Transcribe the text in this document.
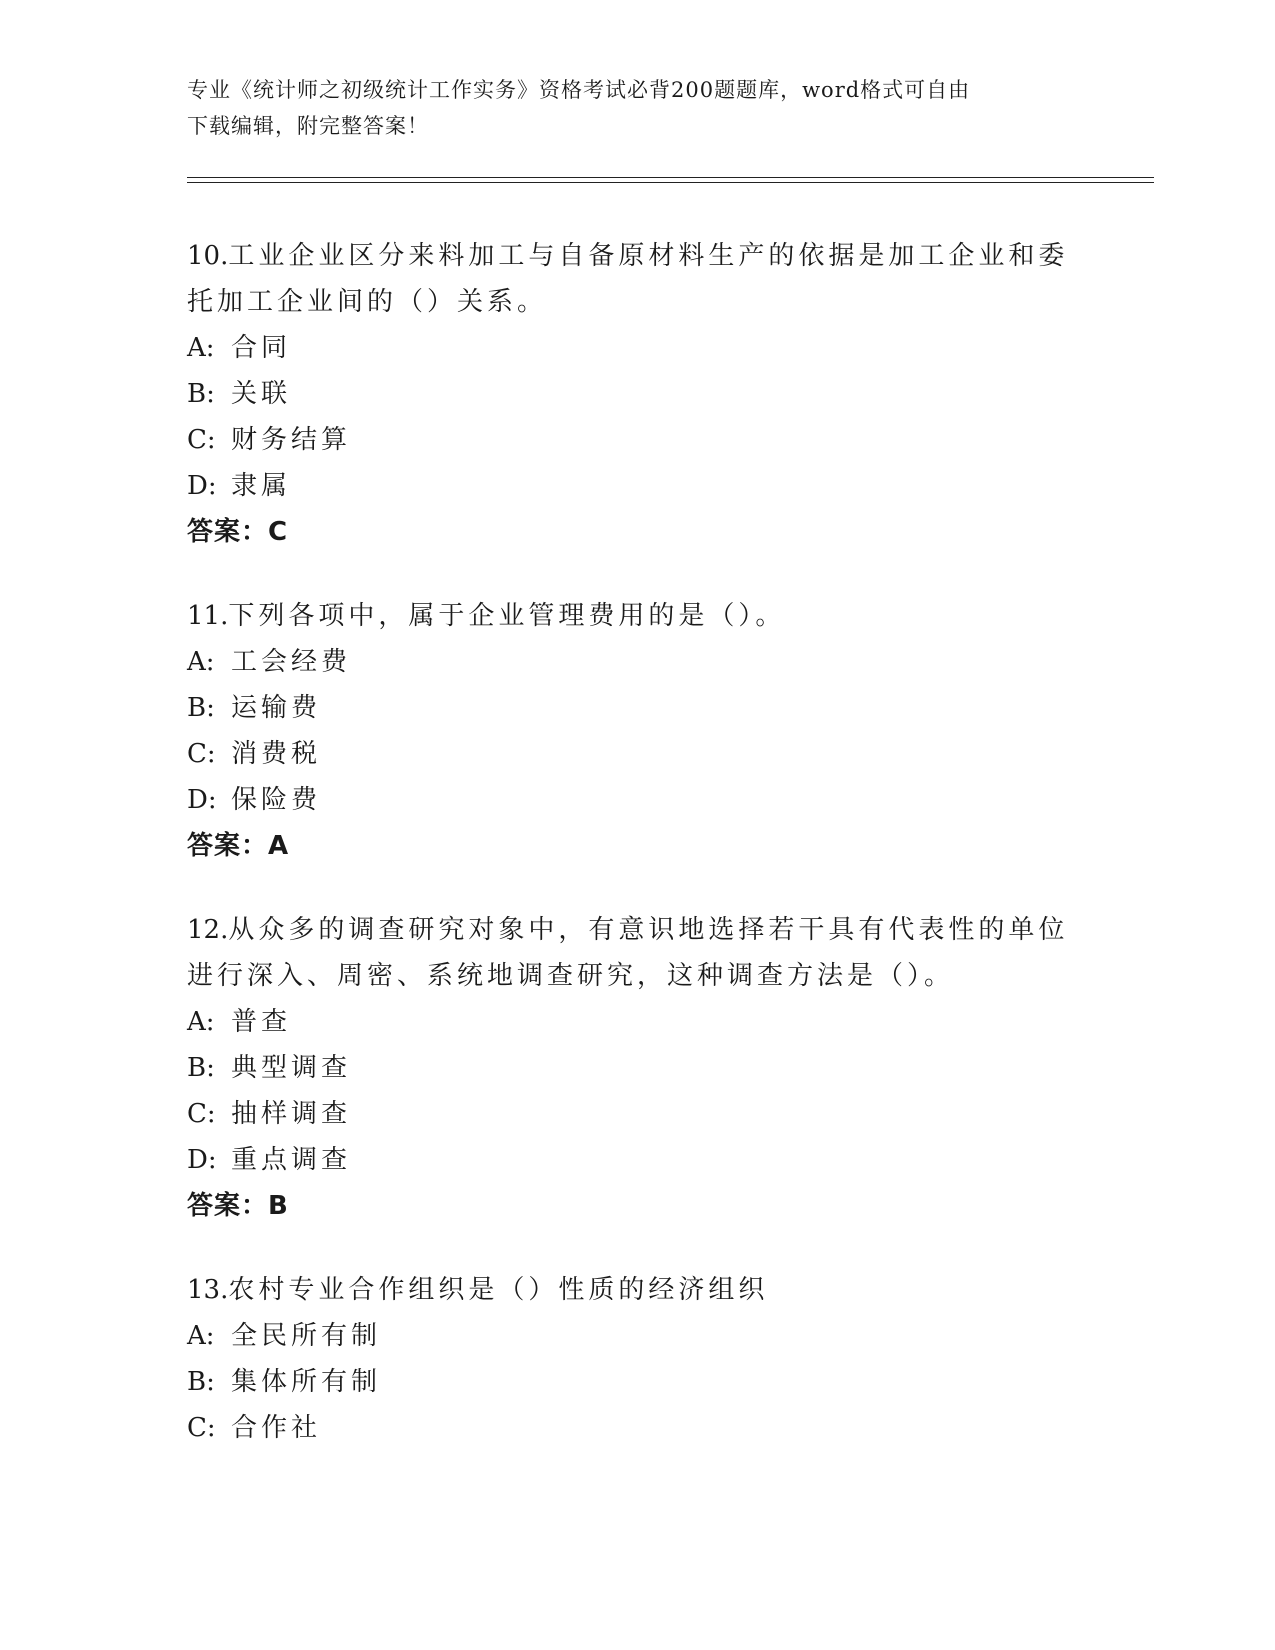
专业《统计师之初级统计工作实务》资格考试必背200题题库，word格式可自由
下载编辑，附完整答案！
10.工业企业区分来料加工与自备原材料生产的依据是加工企业和委托加工企业间的（）关系。
A: 合同
B: 关联
C: 财务结算
D: 隶属
答案：C
11.下列各项中，属于企业管理费用的是（）。
A: 工会经费
B: 运输费
C: 消费税
D: 保险费
答案：A
12.从众多的调查研究对象中，有意识地选择若干具有代表性的单位进行深入、周密、系统地调查研究，这种调查方法是（）。
A: 普查
B: 典型调查
C: 抽样调查
D: 重点调查
答案：B
13.农村专业合作组织是（）性质的经济组织
A: 全民所有制
B: 集体所有制
C: 合作社
